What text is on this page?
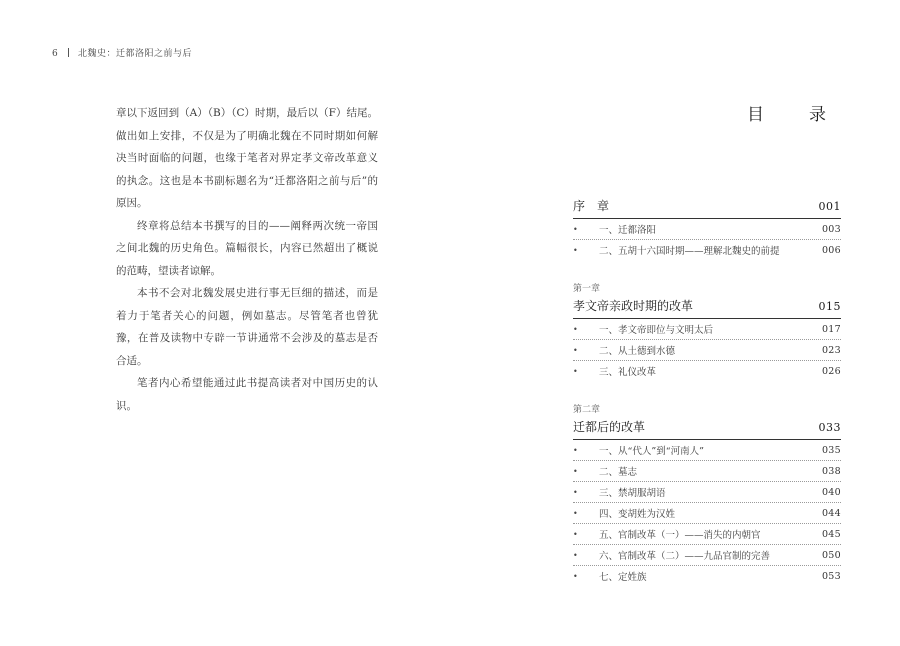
6 北魏史：迁都洛阳之前与后

章以下返回到（A）（B）（C）时期，最后以（F）结尾。做出如上安排，不仅是为了明确北魏在不同时期如何解决当时面临的问题，也缘于笔者对界定孝文帝改革意义的执念。这也是本书副标题名为“迁都洛阳之前与后”的原因。

终章将总结本书撰写的目的——阐释两次统一帝国之间北魏的历史角色。篇幅很长，内容已然超出了概说的范畴，望读者谅解。

本书不会对北魏发展史进行事无巨细的描述，而是着力于笔者关心的问题，例如墓志。尽管笔者也曾犹豫，在普及读物中专辟一节讲通常不会涉及的墓志是否合适。

笔者内心希望能通过此书提高读者对中国历史的认识。

目　录
序　章	001
•	一、迁都洛阳	003
•	二、五胡十六国时期——理解北魏史的前提	006
第一章
孝文帝亲政时期的改革	015
•	一、孝文帝即位与文明太后	017
•	二、从土德到水德	023
•	三、礼仪改革	026
第二章
迁都后的改革	033
•	一、从“代人”到“河南人”	035
•	二、墓志	038
•	三、禁胡服胡语	040
•	四、变胡姓为汉姓	044
•	五、官制改革（一）——消失的内朝官	045
•	六、官制改革（二）——九品官制的完善	050
•	七、定姓族	053
